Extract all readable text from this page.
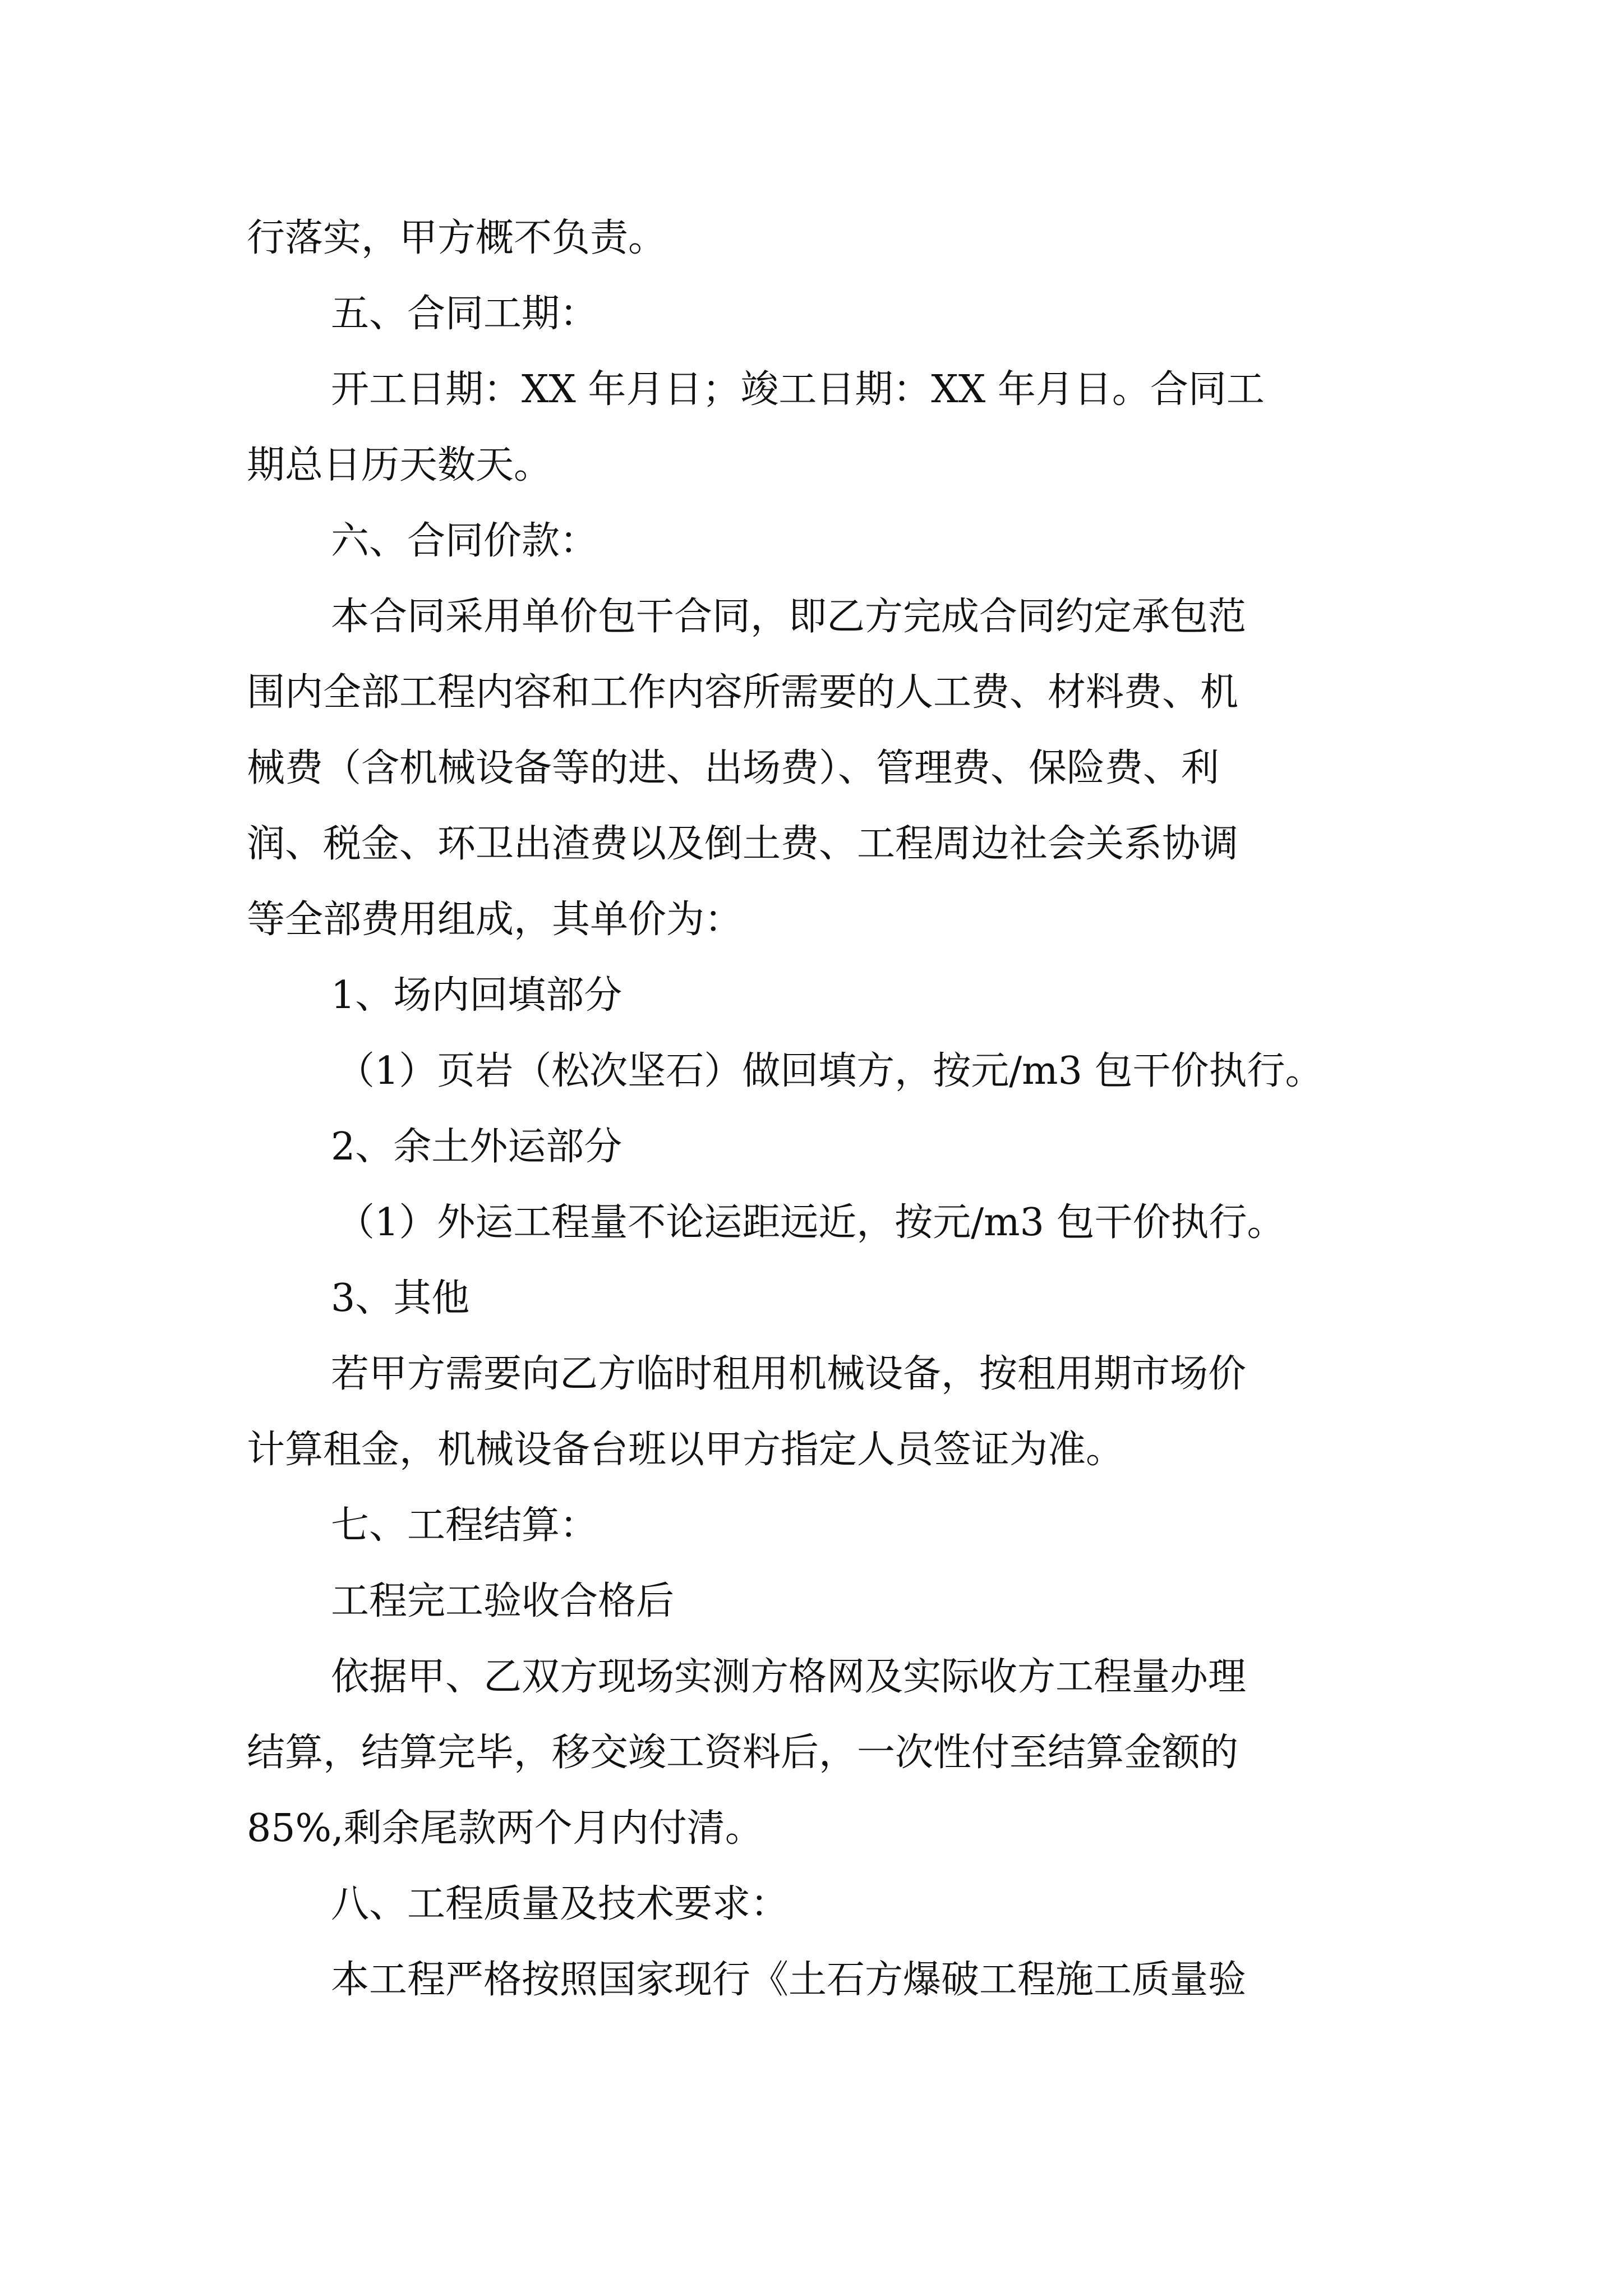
行落实，甲方概不负责。
五、合同工期：
开工日期：XX 年月日；竣工日期：XX 年月日。合同工
期总日历天数天。
六、合同价款：
本合同采用单价包干合同，即乙方完成合同约定承包范
围内全部工程内容和工作内容所需要的人工费、材料费、机
械费（含机械设备等的进、出场费）、管理费、保险费、利
润、税金、环卫出渣费以及倒土费、工程周边社会关系协调
等全部费用组成，其单价为：
1、场内回填部分
（1）页岩（松次坚石）做回填方，按元/m3 包干价执行。
2、余土外运部分
（1）外运工程量不论运距远近，按元/m3 包干价执行。
3、其他
若甲方需要向乙方临时租用机械设备，按租用期市场价
计算租金，机械设备台班以甲方指定人员签证为准。
七、工程结算：
工程完工验收合格后
依据甲、乙双方现场实测方格网及实际收方工程量办理
结算，结算完毕，移交竣工资料后，一次性付至结算金额的
85%,剩余尾款两个月内付清。
八、工程质量及技术要求：
本工程严格按照国家现行《土石方爆破工程施工质量验
